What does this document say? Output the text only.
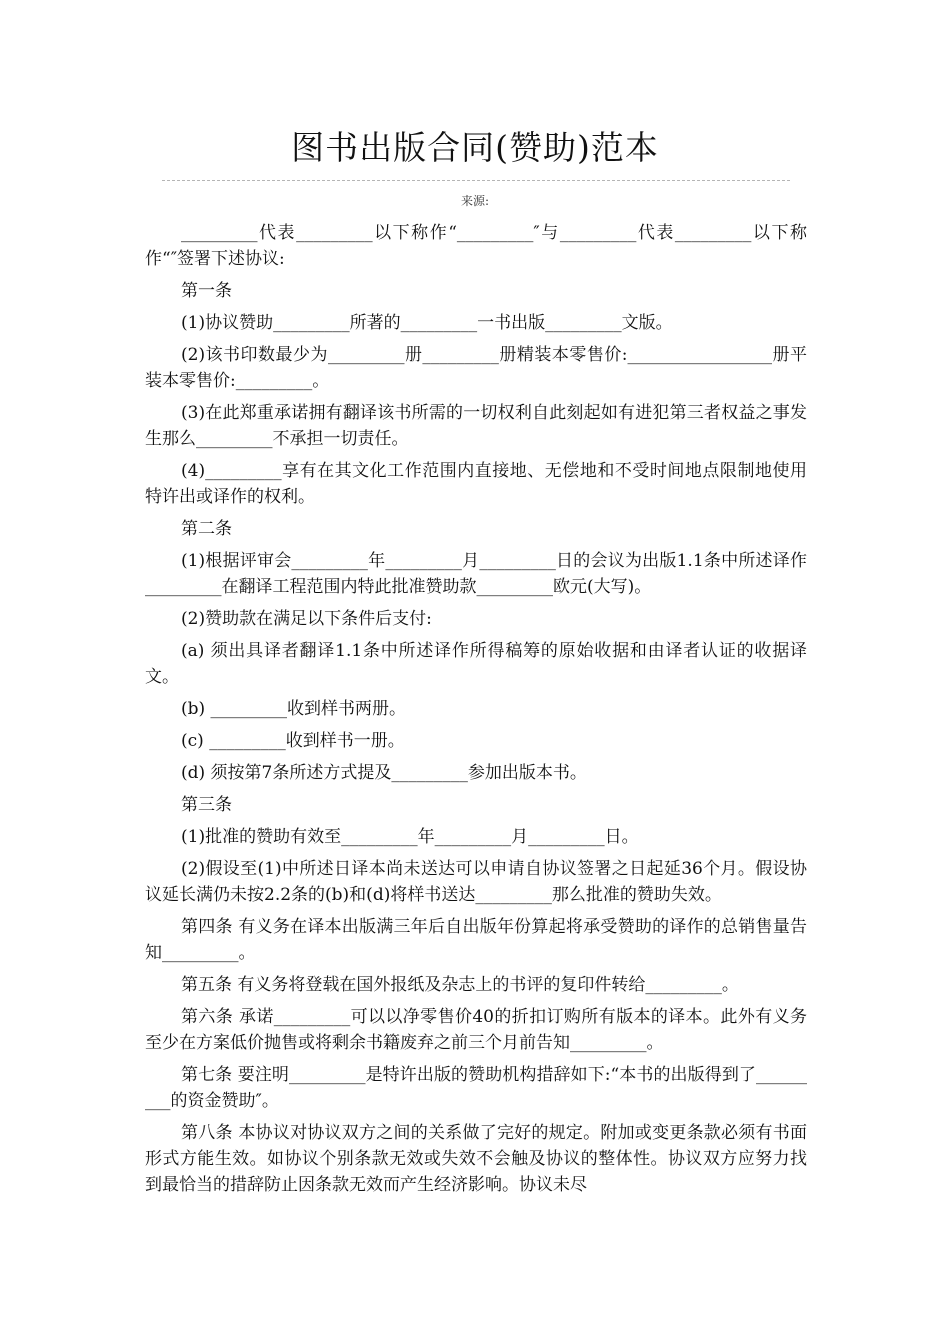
图书出版合同(赞助)范本
来源:

_________代表_________以下称作“_________″与_________代表_________以下称作“″签署下述协议:

第一条

(1)协议赞助_________所著的_________一书出版_________文版。

(2)该书印数最少为_________册_________册精装本零售价:_________________册平装本零售价:_________。

(3)在此郑重承诺拥有翻译该书所需的一切权利自此刻起如有进犯第三者权益之事发生那么_________不承担一切责任。

(4)_________享有在其文化工作范围内直接地、无偿地和不受时间地点限制地使用特许出或译作的权利。

第二条

(1)根据评审会_________年_________月_________日的会议为出版1.1条中所述译作_________在翻译工程范围内特此批准赞助款_________欧元(大写)。

(2)赞助款在满足以下条件后支付:

(a) 须出具译者翻译1.1条中所述译作所得稿筹的原始收据和由译者认证的收据译文。

(b) _________收到样书两册。

(c) _________收到样书一册。

(d) 须按第7条所述方式提及_________参加出版本书。

第三条

(1)批准的赞助有效至_________年_________月_________日。

(2)假设至(1)中所述日译本尚未送达可以申请自协议签署之日起延36个月。假设协议延长满仍未按2.2条的(b)和(d)将样书送达_________那么批准的赞助失效。

第四条 有义务在译本出版满三年后自出版年份算起将承受赞助的译作的总销售量告知_________。

第五条 有义务将登载在国外报纸及杂志上的书评的复印件转给_________。

第六条 承诺_________可以以净零售价40的折扣订购所有版本的译本。此外有义务至少在方案低价抛售或将剩余书籍废弃之前三个月前告知_________。

第七条 要注明_________是特许出版的赞助机构措辞如下:“本书的出版得到了_________的资金赞助″。

第八条 本协议对协议双方之间的关系做了完好的规定。附加或变更条款必须有书面形式方能生效。如协议个别条款无效或失效不会触及协议的整体性。协议双方应努力找到最恰当的措辞防止因条款无效而产生经济影响。协议未尽
